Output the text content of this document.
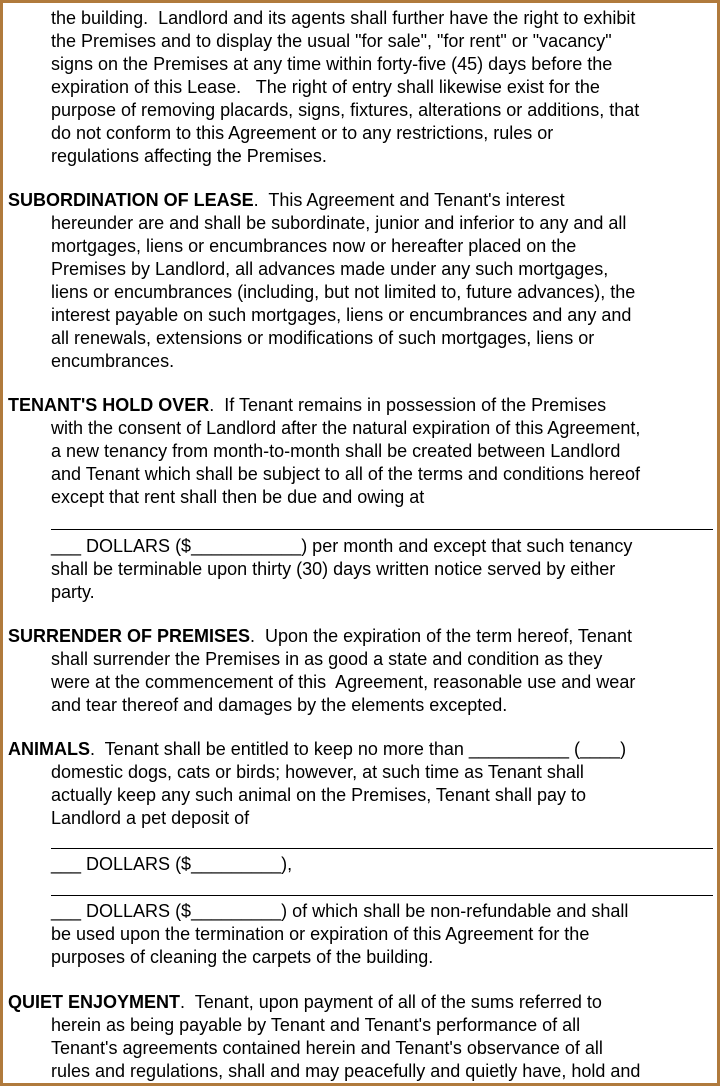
the building.  Landlord and its agents shall further have the right to exhibit
the Premises and to display the usual "for sale", "for rent" or "vacancy"
signs on the Premises at any time within forty-five (45) days before the
expiration of this Lease.   The right of entry shall likewise exist for the
purpose of removing placards, signs, fixtures, alterations or additions, that
do not conform to this Agreement or to any restrictions, rules or
regulations affecting the Premises.
SUBORDINATION OF LEASE.  This Agreement and Tenant's interest
hereunder are and shall be subordinate, junior and inferior to any and all
mortgages, liens or encumbrances now or hereafter placed on the
Premises by Landlord, all advances made under any such mortgages,
liens or encumbrances (including, but not limited to, future advances), the
interest payable on such mortgages, liens or encumbrances and any and
all renewals, extensions or modifications of such mortgages, liens or
encumbrances.
TENANT'S HOLD OVER.  If Tenant remains in possession of the Premises
with the consent of Landlord after the natural expiration of this Agreement,
a new tenancy from month-to-month shall be created between Landlord
and Tenant which shall be subject to all of the terms and conditions hereof
except that rent shall then be due and owing at
___ DOLLARS ($___________) per month and except that such tenancy
shall be terminable upon thirty (30) days written notice served by either
party.
SURRENDER OF PREMISES.  Upon the expiration of the term hereof, Tenant
shall surrender the Premises in as good a state and condition as they
were at the commencement of this  Agreement, reasonable use and wear
and tear thereof and damages by the elements excepted.
ANIMALS.  Tenant shall be entitled to keep no more than __________ (____)
domestic dogs, cats or birds; however, at such time as Tenant shall
actually keep any such animal on the Premises, Tenant shall pay to
Landlord a pet deposit of
___ DOLLARS ($_________),
___ DOLLARS ($_________) of which shall be non-refundable and shall
be used upon the termination or expiration of this Agreement for the
purposes of cleaning the carpets of the building.
QUIET ENJOYMENT.  Tenant, upon payment of all of the sums referred to
herein as being payable by Tenant and Tenant's performance of all
Tenant's agreements contained herein and Tenant's observance of all
rules and regulations, shall and may peacefully and quietly have, hold and
